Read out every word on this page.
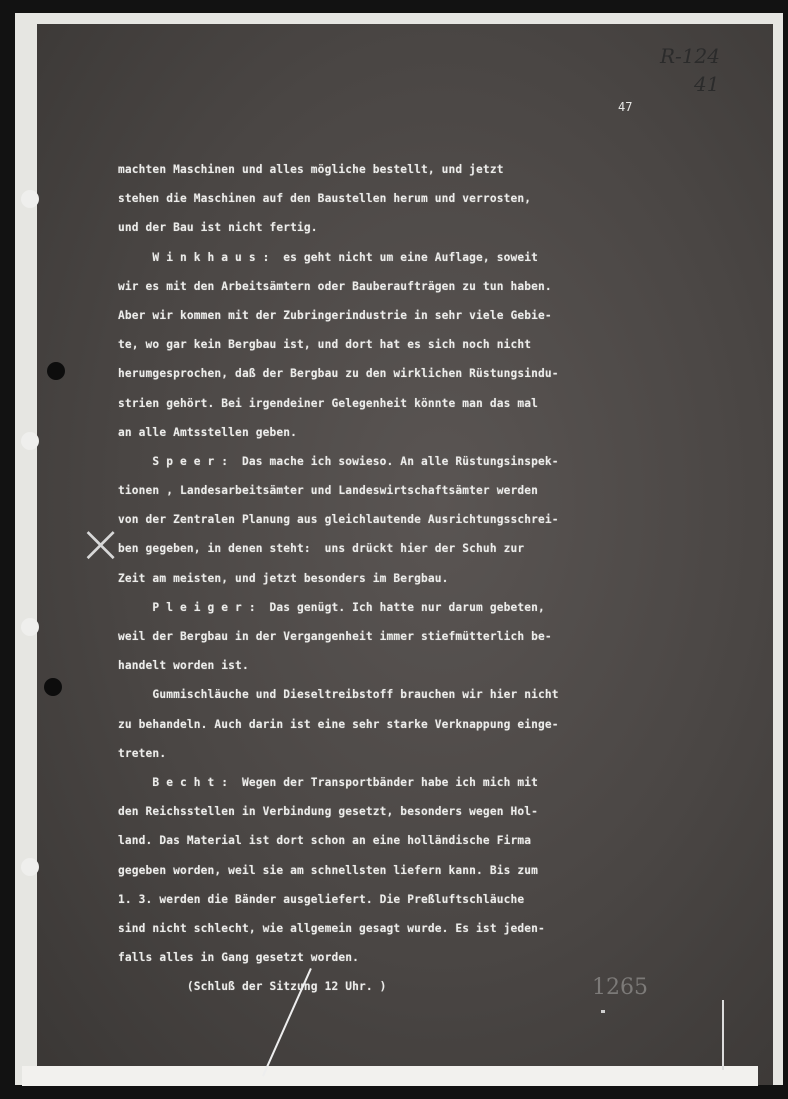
R-124
41
47
⨯
machten Maschinen und alles mögliche bestellt, und jetzt
stehen die Maschinen auf den Baustellen herum und verrosten,
und der Bau ist nicht fertig.
W i n k h a u s :  es geht nicht um eine Auflage, soweit
wir es mit den Arbeitsämtern oder Bauberaufträgen zu tun haben.
Aber wir kommen mit der Zubringerindustrie in sehr viele Gebie-
te, wo gar kein Bergbau ist, und dort hat es sich noch nicht
herumgesprochen, daß der Bergbau zu den wirklichen Rüstungsindu-
strien gehört. Bei irgendeiner Gelegenheit könnte man das mal
an alle Amtsstellen geben.
S p e e r :  Das mache ich sowieso. An alle Rüstungsinspek-
tionen , Landesarbeitsämter und Landeswirtschaftsämter werden
von der Zentralen Planung aus gleichlautende Ausrichtungsschrei-
ben gegeben, in denen steht:  uns drückt hier der Schuh zur
Zeit am meisten, und jetzt besonders im Bergbau.
P l e i g e r :  Das genügt. Ich hatte nur darum gebeten,
weil der Bergbau in der Vergangenheit immer stiefmütterlich be-
handelt worden ist.
Gummischläuche und Dieseltreibstoff brauchen wir hier nicht
zu behandeln. Auch darin ist eine sehr starke Verknappung einge-
treten.
B e c h t :  Wegen der Transportbänder habe ich mich mit
den Reichsstellen in Verbindung gesetzt, besonders wegen Hol-
land. Das Material ist dort schon an eine holländische Firma
gegeben worden, weil sie am schnellsten liefern kann. Bis zum
1. 3. werden die Bänder ausgeliefert. Die Preßluftschläuche
sind nicht schlecht, wie allgemein gesagt wurde. Es ist jeden-
falls alles in Gang gesetzt worden.
(Schluß der Sitzung 12 Uhr. )	1265
